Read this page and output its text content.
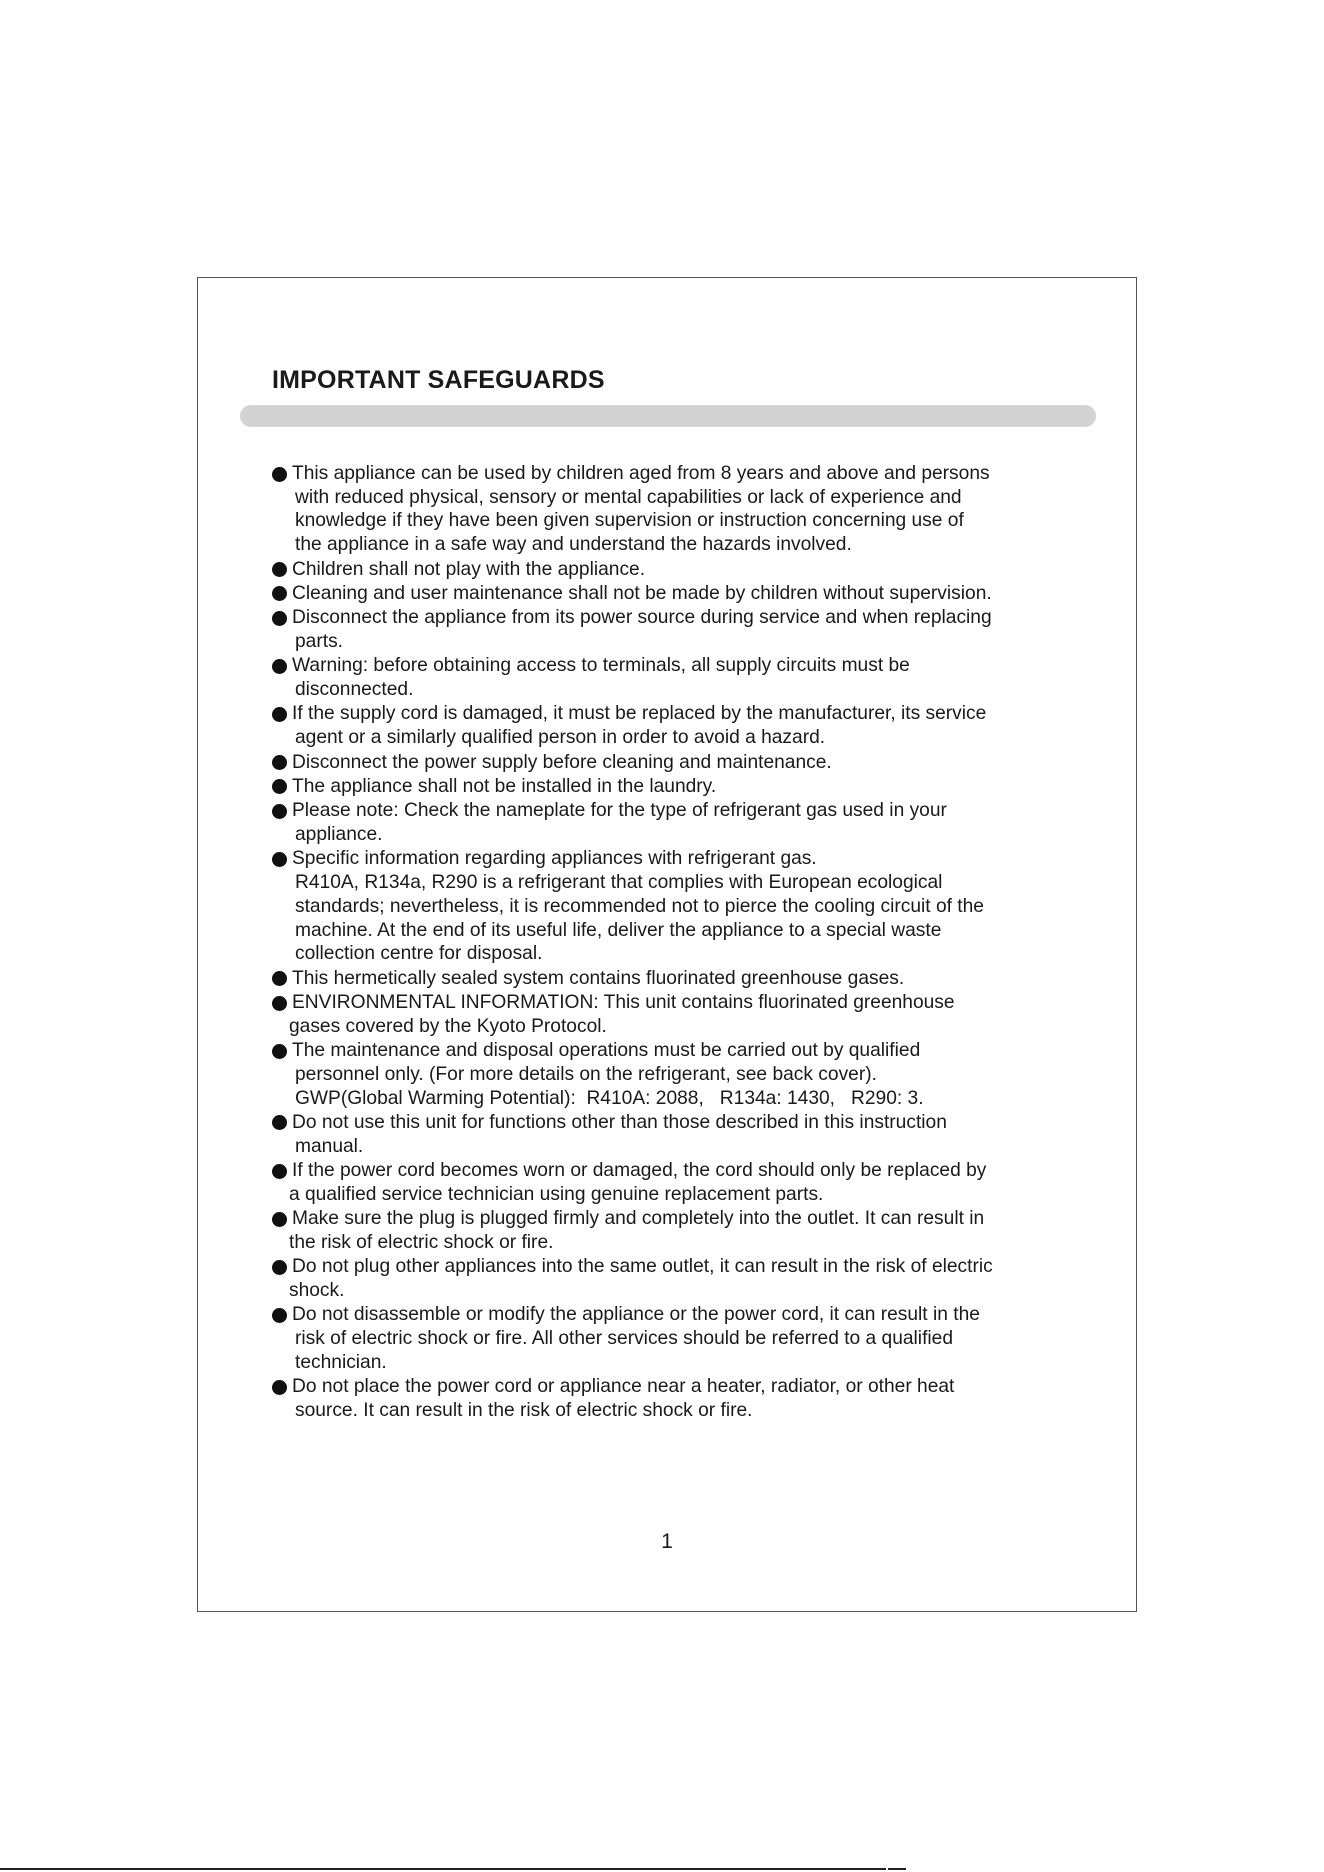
IMPORTANT SAFEGUARDS
This appliance can be used by children aged from 8 years and above and persons
with reduced physical, sensory or mental capabilities or lack of experience and
knowledge if they have been given supervision or instruction concerning use of
the appliance in a safe way and understand the hazards involved.
Children shall not play with the appliance.
Cleaning and user maintenance shall not be made by children without supervision.
Disconnect the appliance from its power source during service and when replacing
parts.
Warning: before obtaining access to terminals, all supply circuits must be
disconnected.
If the supply cord is damaged, it must be replaced by the manufacturer, its service
agent or a similarly qualified person in order to avoid a hazard.
Disconnect the power supply before cleaning and maintenance.
The appliance shall not be installed in the laundry.
Please note: Check the nameplate for the type of refrigerant gas used in your
appliance.
Specific information regarding appliances with refrigerant gas.
R410A, R134a, R290 is a refrigerant that complies with European ecological
standards; nevertheless, it is recommended not to pierce the cooling circuit of the
machine. At the end of its useful life, deliver the appliance to a special waste
collection centre for disposal.
This hermetically sealed system contains fluorinated greenhouse gases.
ENVIRONMENTAL INFORMATION: This unit contains fluorinated greenhouse
gases covered by the Kyoto Protocol.
The maintenance and disposal operations must be carried out by qualified
personnel only. (For more details on the refrigerant, see back cover).
GWP(Global Warming Potential):  R410A: 2088,   R134a: 1430,   R290: 3.
Do not use this unit for functions other than those described in this instruction
manual.
If the power cord becomes worn or damaged, the cord should only be replaced by
a qualified service technician using genuine replacement parts.
Make sure the plug is plugged firmly and completely into the outlet. It can result in
the risk of electric shock or fire.
Do not plug other appliances into the same outlet, it can result in the risk of electric
shock.
Do not disassemble or modify the appliance or the power cord, it can result in the
risk of electric shock or fire. All other services should be referred to a qualified
technician.
Do not place the power cord or appliance near a heater, radiator, or other heat
source. It can result in the risk of electric shock or fire.
1
